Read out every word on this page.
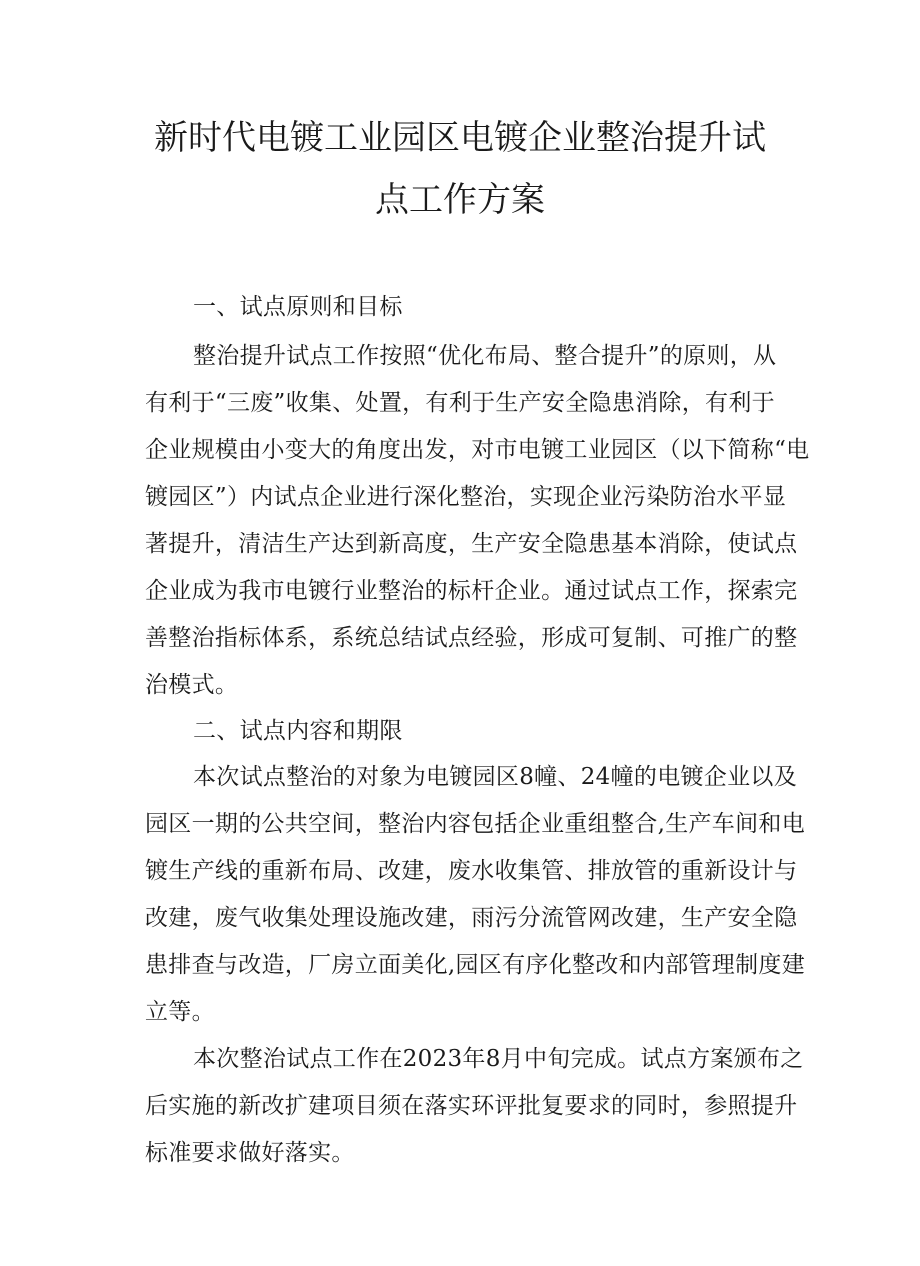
新时代电镀工业园区电镀企业整治提升试
点工作方案
一、试点原则和目标
整治提升试点工作按照“优化布局、整合提升”的原则，从
有利于“三废”收集、处置，有利于生产安全隐患消除，有利于
企业规模由小变大的角度出发，对市电镀工业园区（以下简称“电
镀园区”）内试点企业进行深化整治，实现企业污染防治水平显
著提升，清洁生产达到新高度，生产安全隐患基本消除，使试点
企业成为我市电镀行业整治的标杆企业。通过试点工作，探索完
善整治指标体系，系统总结试点经验，形成可复制、可推广的整
治模式。
二、试点内容和期限
本次试点整治的对象为电镀园区8幢、24幢的电镀企业以及
园区一期的公共空间，整治内容包括企业重组整合,生产车间和电
镀生产线的重新布局、改建，废水收集管、排放管的重新设计与
改建，废气收集处理设施改建，雨污分流管网改建，生产安全隐
患排查与改造，厂房立面美化,园区有序化整改和内部管理制度建
立等。
本次整治试点工作在2023年8月中旬完成。试点方案颁布之
后实施的新改扩建项目须在落实环评批复要求的同时，参照提升
标准要求做好落实。
